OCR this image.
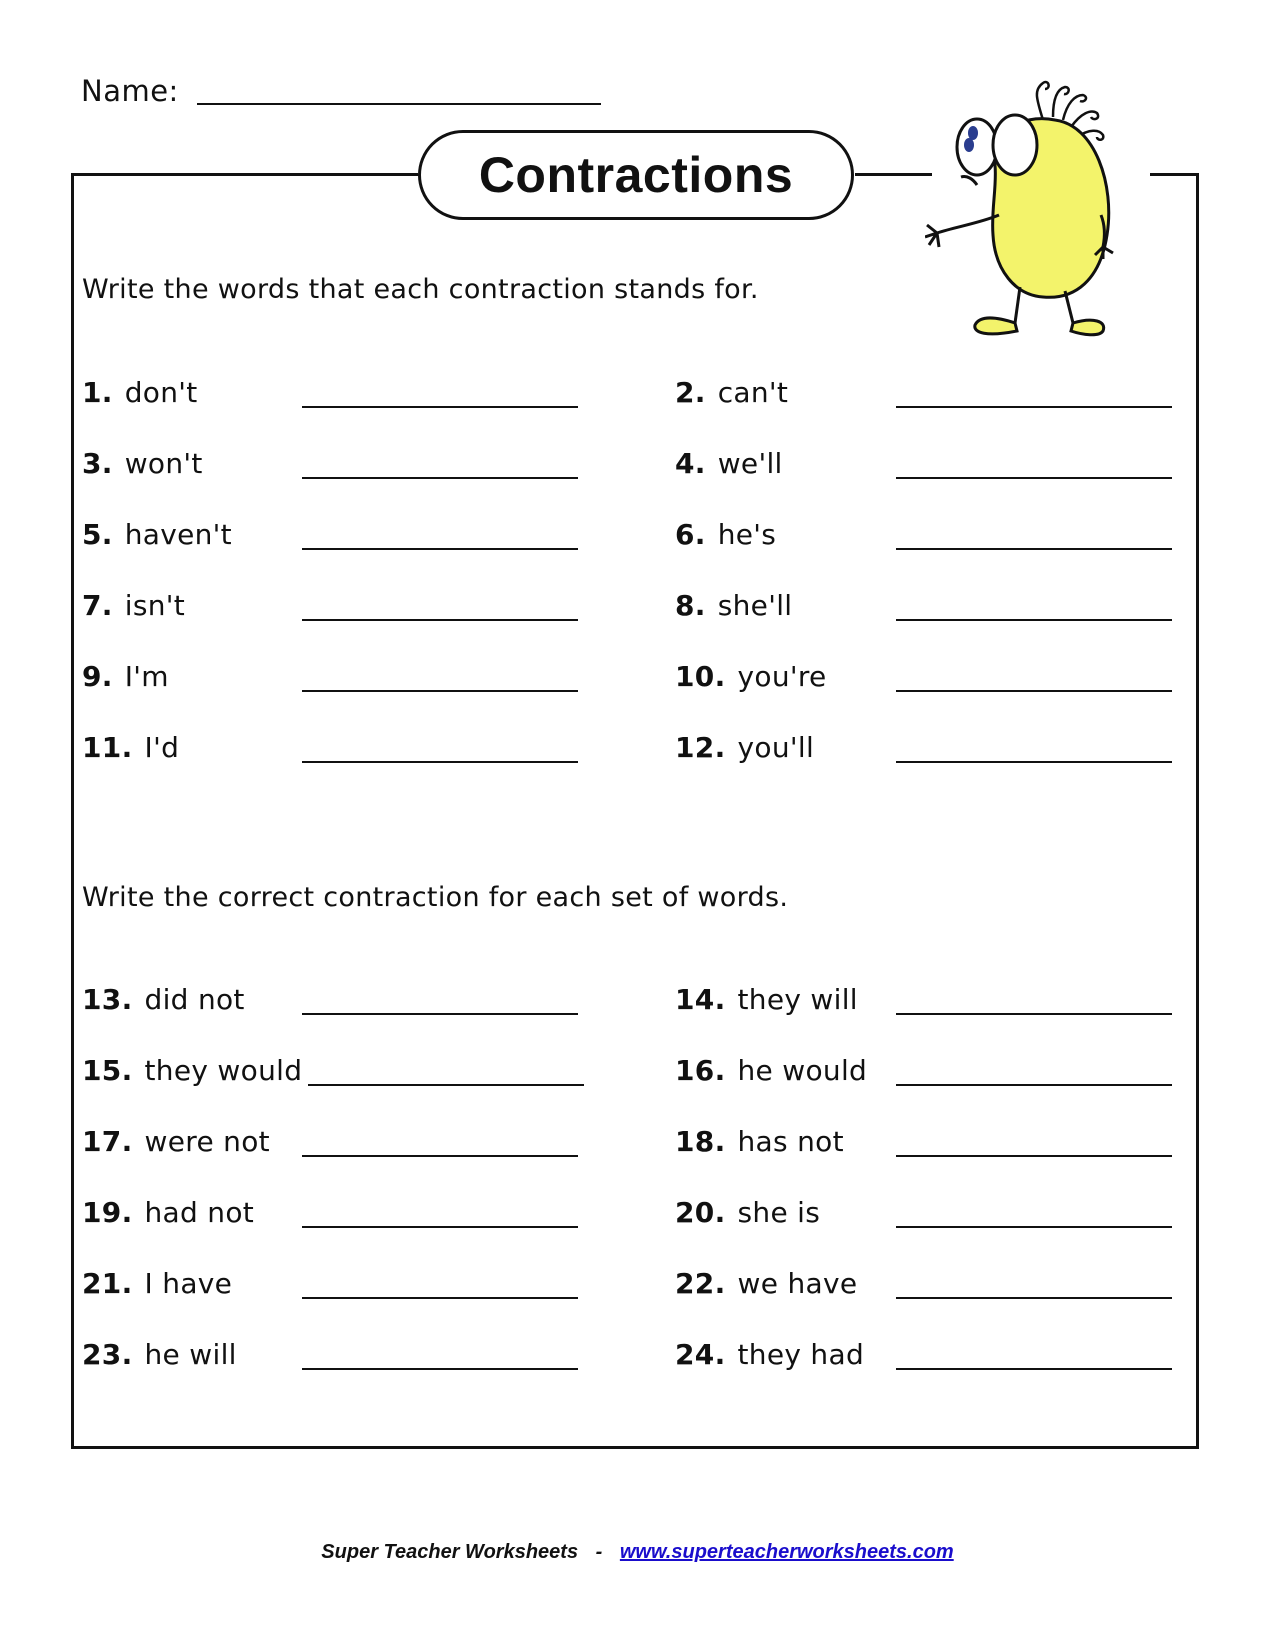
Name:
Contractions
Write the words that each contraction stands for.
1. don't	2. can't
3. won't	4. we'll
5. haven't	6. he's
7. isn't	8. she'll
9. I'm	10. you're
11. I'd	12. you'll
Write the correct contraction for each set of words.
13. did not	14. they will
15. they would	16. he would
17. were not	18. has not
19. had not	20. she is
21. I have	22. we have
23. he will	24. they had
Super Teacher Worksheets - www.superteacherworksheets.com
